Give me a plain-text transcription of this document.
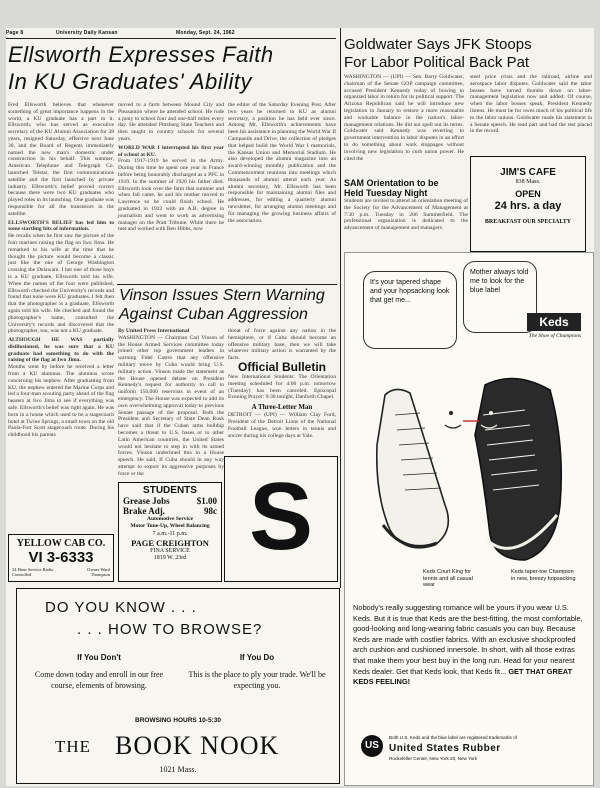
Page 8	University Daily Kansan	Monday, Sept. 24, 1962
Ellsworth Expresses Faith
In KU Graduates' Ability
Fred Ellsworth believes that whenever something of great importance happens in the world, a KU graduate has a part in it. Ellsworth, who has served as executive secretary of the KU Alumni Association for 38 years, resigned Saturday, effective next June 30, and the Board of Regents immediately named the new man's domestic under construction in his behalf. This summer, American Telephone and Telegraph Co. launched Telstar, the first communications satellite and the first launched by private industry. Ellsworth's belief proved correct because there were two KU graduates who played roles in its launching. One graduate was responsible for all the transistors in the satellite.
ELLSWORTH'S BELIEF has led him to some startling bits of information.
He recalls when he first saw the picture of the four marines raising the flag on Iwo Jima. He remarked to his wife at the time that he thought the picture would become a classic just like the one of George Washington crossing the Delaware. I bet one of those boys is a KU graduate, Ellsworth told his wife. When the names of the four were published, Ellsworth checked the University's records and found that none were KU graduates. I felt then that the photographer is a graduate, Ellsworth again told his wife. He checked and found the photographer's name, consulted the University's records and discovered that the photographer, too, was not a KU graduate.
ALTHOUGH HE WAS partially disillusioned, he was sure that a KU graduate had something to do with the raising of the flag at Iwo Jima.
Months went by before he received a letter from a KU alumnus. The alumnus wrote concerning his nephew. After graduating from KU, the nephew entered the Marine Corps and led a four-man scouting party ahead of the flag bearers at Iwo Jima to see if everything was safe. Ellsworth's belief was right again. He was born in a house which used to be a stagecoach hotel at Twine Springs, a small town on the old Paola-Fort Scott stagecoach route. During his childhood his parents
moved to a farm between Mound City and Pleasanton where he attended school. He rode a pony to school four and one-half miles every day. He attended Pittsburg State Teachers and then taught in country schools for several years.
WORLD WAR I interrupted his first year of school at KU.
From 1917-1919 he served in the Army. During this time he spent one year in France before being honorably discharged as a PFC in 1919. In the summer of 1920 his father died. Ellsworth took over the farm that summer and when fall came, he and his mother moved to Lawrence so he could finish school. He graduated in 1922 with an A.B. degree in journalism and went to work as advertising manager on the Pratt Tribune. While there he met and worked with Ben Hibbs, now
the editor of the Saturday Evening Post. After two years he returned to KU as alumni secretary, a position he has held ever since. Among Mr. Ellsworth's achievements have been his assistance in planning the World War II Campanile and Drive, the collection of pledges that helped build the World War I memorials, the Kansas Union and Memorial Stadium. He also developed the alumni magazine into an award-winning monthly publication and the Commencement reunions into meetings which thousands of alumni attend each year. As alumni secretary, Mr. Ellsworth has been responsible for maintaining alumni files and addresses, for editing a quarterly alumni newsletter, for arranging alumni meetings and for managing the growing business affairs of the association.
YELLOW CAB CO.
VI 3-6333
24 Hour Service Radio Controlled
Owner Ward Thompson
Vinson Issues Stern Warning
Against Cuban Aggression
By United Press International
WASHINGTON — Chairman Carl Vinson of the House Armed Services committee today joined other top government leaders in warning Fidel Castro that any offensive military move by Cuba would bring U.S. military action. Vinson made the statement as the House opened debate on President Kennedy's request for authority to call to uniform 150,000 reservists in event of an emergency. The House was expected to add its own overwhelming approval today to previous Senate passage of the proposal. Both the President and Secretary of State Dean Rusk have said that if the Cuban arms buildup becomes a threat to U.S. bases or to other Latin American countries, the United States would not hesitate to step in with its armed forces. Vinson underlined this in a House speech. He said, If Cuba should in any way attempt to export its aggressive purposes by force or the
threat of force against any nation in the hemisphere, or if Cuba should become an offensive military base, then we will take whatever military action is warranted by the facts.
Official Bulletin
New International Students: The Orientation meeting scheduled for 4:00 p.m. tomorrow (Tuesday) has been canceled. Episcopal Evening Prayer: 9:30 tonight, Danforth Chapel.
A Three-Letter Man
DETROIT — (UPI) — William Clay Ford, President of the Detroit Lions of the National Football League, won letters in tennis and soccer during his college days at Yale.
STUDENTS
Grease Jobs	$1.00
Brake Adj.	98c
Automotive Service
Motor Tune-Up, Wheel Balancing
7 a.m.-11 p.m.
PAGE CREIGHTON
FINA SERVICE
1819 W. 23rd S
Goldwater Says JFK Stoops
For Labor Political Back Pat
WASHINGTON — (UPI) — Sen. Barry Goldwater, chairman of the Senate GOP campaign committee, accused President Kennedy today of bowing to organized labor in return for its political support. The Arizona Republican said he will introduce new legislation in January to restore a more reasonable and workable balance in the nation's labor-management relations. He did not spell out its terms. Goldwater said Kennedy was reverting to government intervention in labor disputes in an effort to do something about work stoppages without involving new legislation to curb union power. He cited the
steel price crisis and the railroad, airline and aerospace labor disputes. Goldwater said the labor bosses have turned thumbs down on labor-management legislation now and added: Of course, when the labor bosses speak, President Kennedy listens. He must be for owes much of his political life to the labor unions. Goldwater made his statement in a Senate speech. He read part and had the rest placed in the record.
SAM Orientation to be
Held Tuesday Night
Students are invited to attend an orientation meeting of the Society for the Advancement of Management at 7:30 p.m. Tuesday in 206 Summerfield. The professional organization is dedicated to the advancement of management and managers.
JIM'S CAFE
838 Mass.
OPEN
24 hrs. a day
BREAKFAST OUR SPECIALTY
It's your tapered shape and your hopsacking look that get me...
Mother always told me to look for the blue label
Keds
The Shoe of Champions
Keds Court King for tennis and all casual wear
Keds taper-toe Champion in new, breezy hopsacking
Nobody's really suggesting romance will be yours if you wear U.S. Keds. But it is true that Keds are the best-fitting, the most comfortable, good-looking and long-wearing fabric casuals you can buy. Because Keds are made with costlier fabrics. With an exclusive shockproofed arch cushion and cushioned innersole. In short, with all those extras that make them your best buy in the long run. Head for your nearest Keds dealer. Get that Keds look, that Keds fit... GET THAT GREAT KEDS FEELING!
US
Both U.S. Keds and the blue label are registered trademarks of
United States Rubber
Rockefeller Center, New York 20, New York
DO YOU KNOW . . .
. . . HOW TO BROWSE?
If You Don't
Come down today and enroll in our free course, elements of browsing.
If You Do
This is the place to ply your trade. We'll be expecting you.
BROWSING HOURS 10-5:30
THE BOOK NOOK
1021 Mass.
